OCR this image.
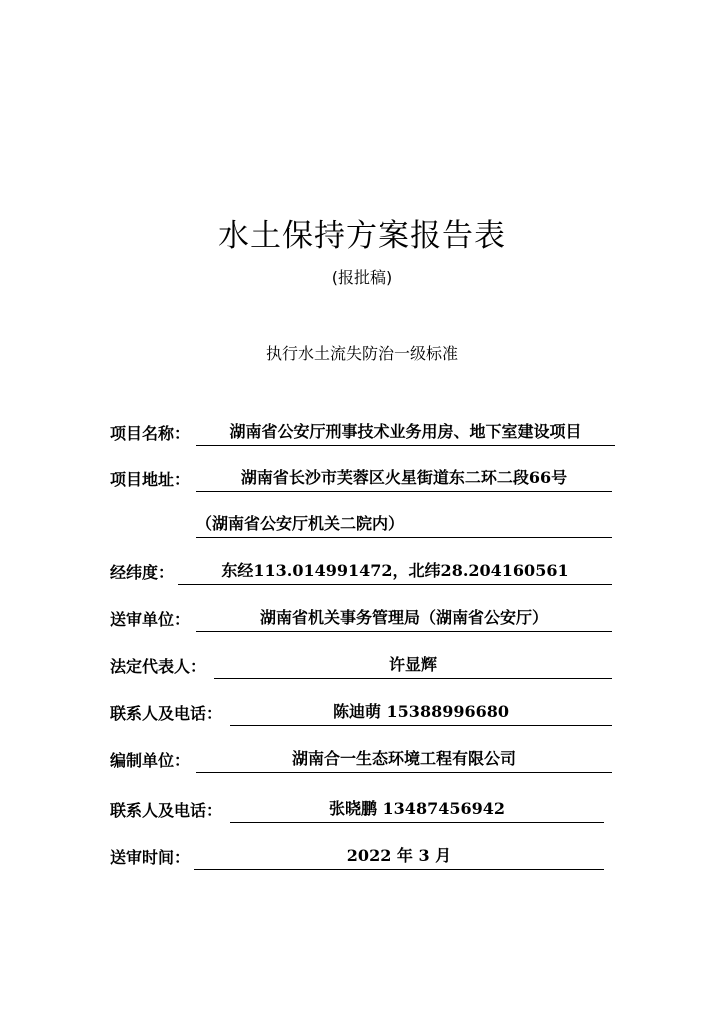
水土保持方案报告表
(报批稿)
执行水土流失防治一级标准
项目名称：	湖南省公安厅刑事技术业务用房、地下室建设项目
项目地址：	湖南省长沙市芙蓉区火星街道东二环二段66号
（湖南省公安厅机关二院内）
经纬度：	东经113.014991472，北纬28.204160561
送审单位：	湖南省机关事务管理局（湖南省公安厅）
法定代表人：	许显辉
联系人及电话：	陈迪萌 15388996680
编制单位：	湖南合一生态环境工程有限公司
联系人及电话：	张晓鹏 13487456942
送审时间：	2022 年 3 月
